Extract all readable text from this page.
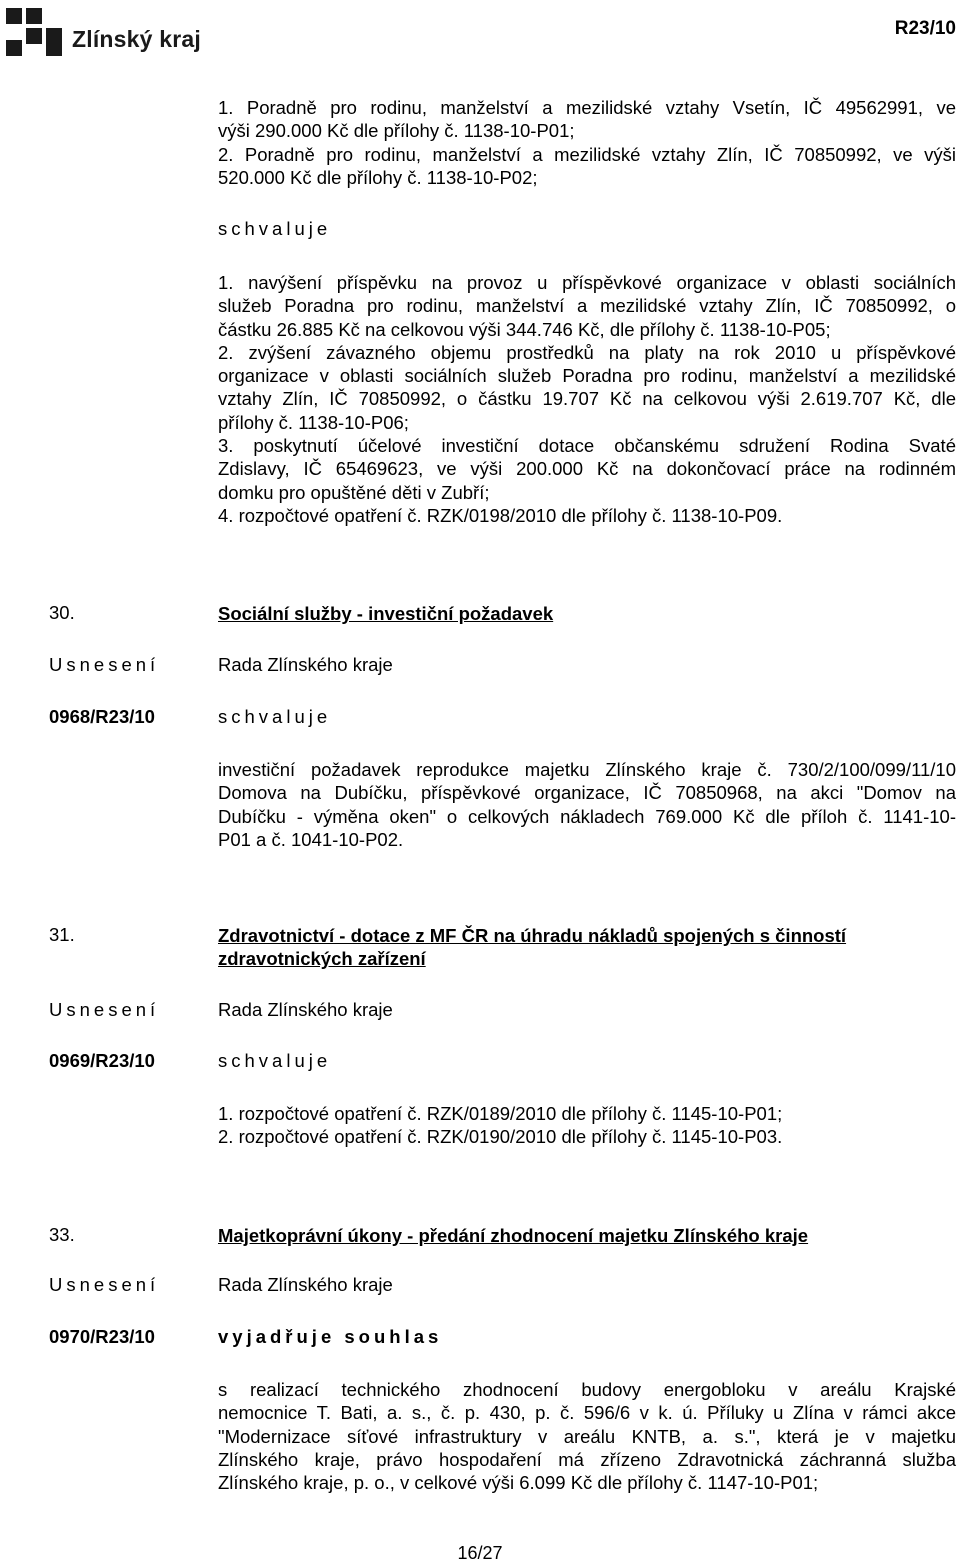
Zlínský kraj	R23/10
1. Poradně pro rodinu, manželství a mezilidské vztahy Vsetín, IČ 49562991, ve
výši 290.000 Kč dle přílohy č. 1138-10-P01;
2. Poradně pro rodinu, manželství a mezilidské vztahy Zlín, IČ 70850992, ve výši
520.000 Kč dle přílohy č. 1138-10-P02;
schvaluje
1. navýšení příspěvku na provoz u příspěvkové organizace v oblasti sociálních
služeb Poradna pro rodinu, manželství a mezilidské vztahy Zlín, IČ 70850992, o
částku 26.885 Kč na celkovou výši 344.746 Kč, dle přílohy č. 1138-10-P05;
2. zvýšení závazného objemu prostředků na platy na rok 2010 u příspěvkové
organizace v oblasti sociálních služeb Poradna pro rodinu, manželství a mezilidské
vztahy Zlín, IČ 70850992, o částku 19.707 Kč na celkovou výši 2.619.707 Kč, dle
přílohy č. 1138-10-P06;
3. poskytnutí účelové investiční dotace občanskému sdružení Rodina Svaté
Zdislavy, IČ 65469623, ve výši 200.000 Kč na dokončovací práce na rodinném
domku pro opuštěné děti v Zubří;
4. rozpočtové opatření č. RZK/0198/2010 dle přílohy č. 1138-10-P09.
30.	Sociální služby - investiční požadavek
Usnesení	Rada Zlínského kraje
0968/R23/10	schvaluje
investiční požadavek reprodukce majetku Zlínského kraje č. 730/2/100/099/11/10
Domova na Dubíčku, příspěvkové organizace, IČ 70850968, na akci "Domov na
Dubíčku - výměna oken" o celkových nákladech 769.000 Kč dle příloh č. 1141-10-
P01 a č. 1041-10-P02.
31.	Zdravotnictví - dotace z MF ČR na úhradu nákladů spojených s činností
zdravotnických zařízení
Usnesení	Rada Zlínského kraje
0969/R23/10	schvaluje
1. rozpočtové opatření č. RZK/0189/2010 dle přílohy č. 1145-10-P01;
2. rozpočtové opatření č. RZK/0190/2010 dle přílohy č. 1145-10-P03.
33.	Majetkoprávní úkony - předání zhodnocení majetku Zlínského kraje
Usnesení	Rada Zlínského kraje
0970/R23/10	vyjadřuje souhlas
s realizací technického zhodnocení budovy energobloku v areálu Krajské
nemocnice T. Bati, a. s., č. p. 430, p. č. 596/6 v k. ú. Příluky u Zlína v rámci akce
"Modernizace síťové infrastruktury v areálu KNTB, a. s.", která je v majetku
Zlínského kraje, právo hospodaření má zřízeno Zdravotnická záchranná služba
Zlínského kraje, p. o., v celkové výši 6.099 Kč dle přílohy č. 1147-10-P01;
16/27
